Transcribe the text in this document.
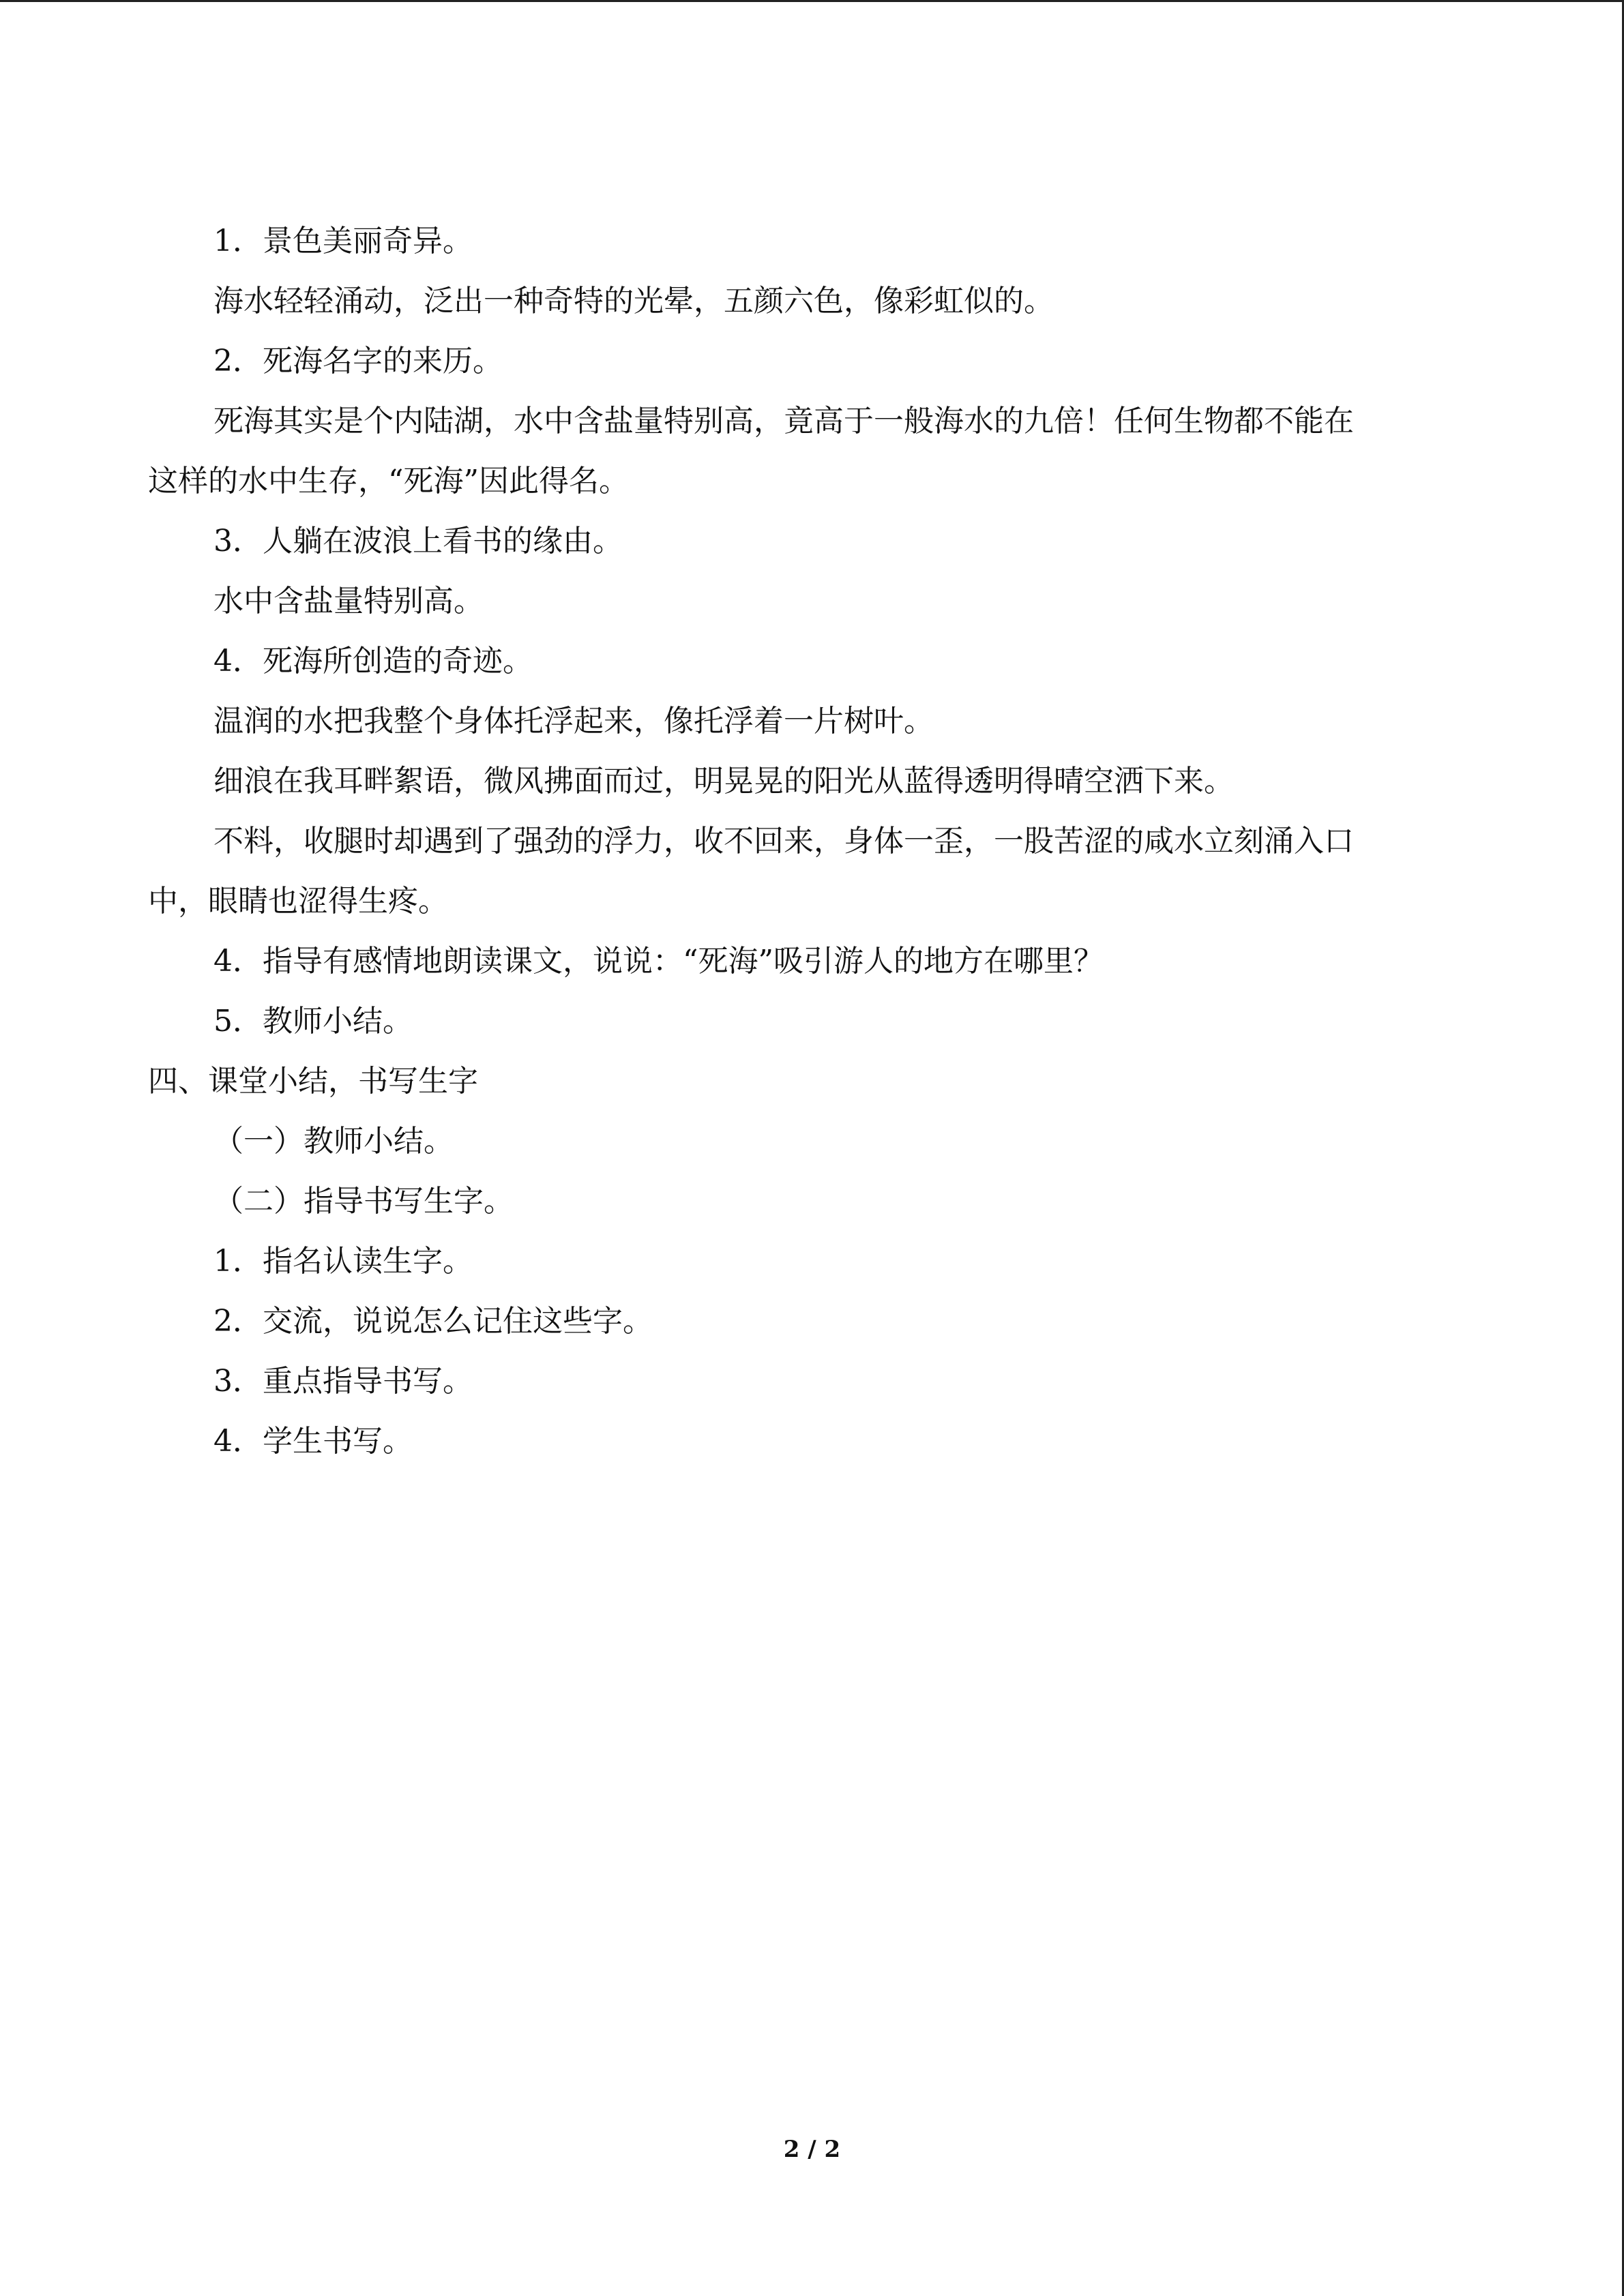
1．景色美丽奇异。
海水轻轻涌动，泛出一种奇特的光晕，五颜六色，像彩虹似的。
2．死海名字的来历。
死海其实是个内陆湖，水中含盐量特别高，竟高于一般海水的九倍！任何生物都不能在
这样的水中生存，“死海”因此得名。
3．人躺在波浪上看书的缘由。
水中含盐量特别高。
4．死海所创造的奇迹。
温润的水把我整个身体托浮起来，像托浮着一片树叶。
细浪在我耳畔絮语，微风拂面而过，明晃晃的阳光从蓝得透明得晴空洒下来。
不料，收腿时却遇到了强劲的浮力，收不回来，身体一歪，一股苦涩的咸水立刻涌入口
中，眼睛也涩得生疼。
4．指导有感情地朗读课文，说说：“死海”吸引游人的地方在哪里？
5．教师小结。
四、课堂小结，书写生字
（一）教师小结。
（二）指导书写生字。
1．指名认读生字。
2．交流，说说怎么记住这些字。
3．重点指导书写。
4．学生书写。
2 / 2
